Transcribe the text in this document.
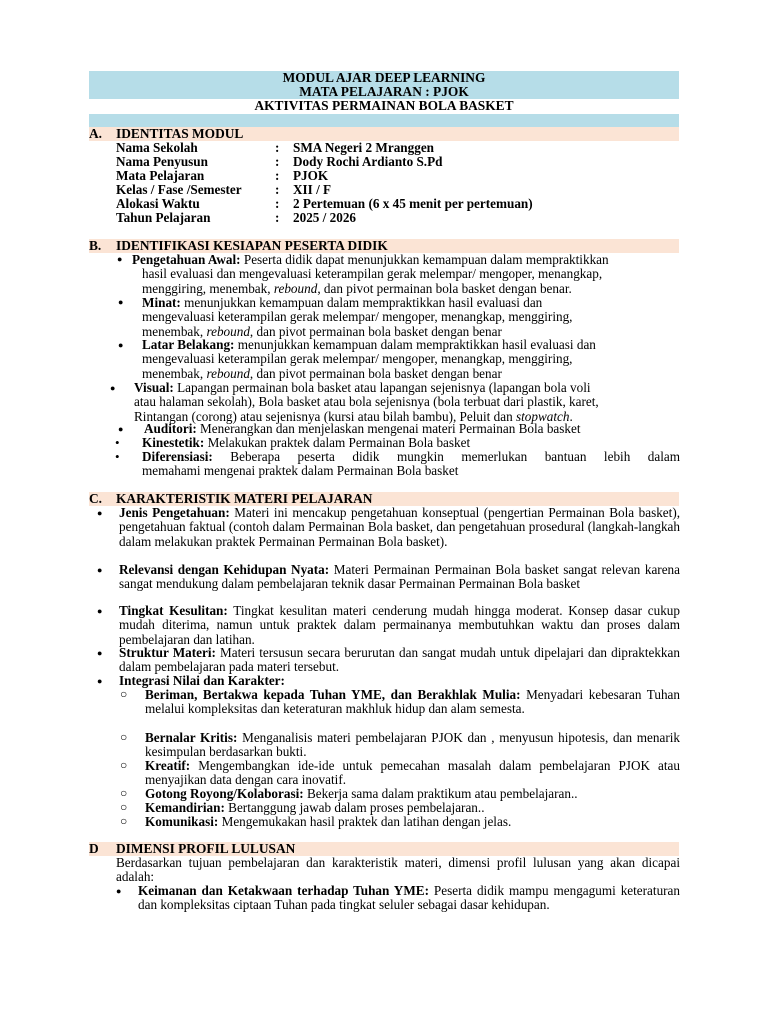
MODUL AJAR DEEP LEARNING
MATA PELAJARAN : PJOK
AKTIVITAS PERMAINAN BOLA BASKET
A. IDENTITAS MODUL
Nama Sekolah	: SMA Negeri 2 Mranggen
Nama Penyusun	: Dody Rochi Ardianto S.Pd
Mata Pelajaran	: PJOK
Kelas / Fase /Semester	: XII / F
Alokasi Waktu	: 2 Pertemuan (6 x 45 menit per pertemuan)
Tahun Pelajaran	: 2025 / 2026
B. IDENTIFIKASI KESIAPAN PESERTA DIDIK
● Pengetahuan Awal: Peserta didik dapat menunjukkan kemampuan dalam mempraktikkan
hasil evaluasi dan mengevaluasi keterampilan gerak melempar/ mengoper, menangkap,
menggiring, menembak, rebound, dan pivot permainan bola basket dengan benar.
● Minat: menunjukkan kemampuan dalam mempraktikkan hasil evaluasi dan
mengevaluasi keterampilan gerak melempar/ mengoper, menangkap, menggiring,
menembak, rebound, dan pivot permainan bola basket dengan benar
● Latar Belakang: menunjukkan kemampuan dalam mempraktikkan hasil evaluasi dan
mengevaluasi keterampilan gerak melempar/ mengoper, menangkap, menggiring,
menembak, rebound, dan pivot permainan bola basket dengan benar
● Visual: Lapangan permainan bola basket atau lapangan sejenisnya (lapangan bola voli
atau halaman sekolah), Bola basket atau bola sejenisnya (bola terbuat dari plastik, karet,
Rintangan (corong) atau sejenisnya (kursi atau bilah bambu), Peluit dan stopwatch.
● Auditori: Menerangkan dan menjelaskan mengenai materi Permainan Bola basket
• Kinestetik: Melakukan praktek dalam Permainan Bola basket
• Diferensiasi: Beberapa peserta didik mungkin memerlukan bantuan lebih dalam
memahami mengenai praktek dalam Permainan Bola basket
C. KARAKTERISTIK MATERI PELAJARAN
● Jenis Pengetahuan: Materi ini mencakup pengetahuan konseptual (pengertian Permainan Bola basket), pengetahuan faktual (contoh dalam Permainan Bola basket, dan pengetahuan prosedural (langkah-langkah dalam melakukan praktek Permainan Permainan Bola basket).
● Relevansi dengan Kehidupan Nyata: Materi Permainan Permainan Bola basket sangat relevan karena sangat mendukung dalam pembelajaran teknik dasar Permainan Permainan Bola basket
● Tingkat Kesulitan: Tingkat kesulitan materi cenderung mudah hingga moderat. Konsep dasar cukup mudah diterima, namun untuk praktek dalam permainanya membutuhkan waktu dan proses dalam pembelajaran dan latihan.
● Struktur Materi: Materi tersusun secara berurutan dan sangat mudah untuk dipelajari dan dipraktekkan dalam pembelajaran pada materi tersebut.
● Integrasi Nilai dan Karakter:
○ Beriman, Bertakwa kepada Tuhan YME, dan Berakhlak Mulia: Menyadari kebesaran Tuhan melalui kompleksitas dan keteraturan makhluk hidup dan alam semesta.
○ Bernalar Kritis: Menganalisis materi pembelajaran PJOK dan , menyusun hipotesis, dan menarik kesimpulan berdasarkan bukti.
○ Kreatif: Mengembangkan ide-ide untuk pemecahan masalah dalam pembelajaran PJOK atau menyajikan data dengan cara inovatif.
○ Gotong Royong/Kolaborasi: Bekerja sama dalam praktikum atau pembelajaran..
○ Kemandirian: Bertanggung jawab dalam proses pembelajaran..
○ Komunikasi: Mengemukakan hasil praktek dan latihan dengan jelas.
D DIMENSI PROFIL LULUSAN
Berdasarkan tujuan pembelajaran dan karakteristik materi, dimensi profil lulusan yang akan dicapai adalah:
● Keimanan dan Ketakwaan terhadap Tuhan YME: Peserta didik mampu mengagumi keteraturan dan kompleksitas ciptaan Tuhan pada tingkat seluler sebagai dasar kehidupan.
